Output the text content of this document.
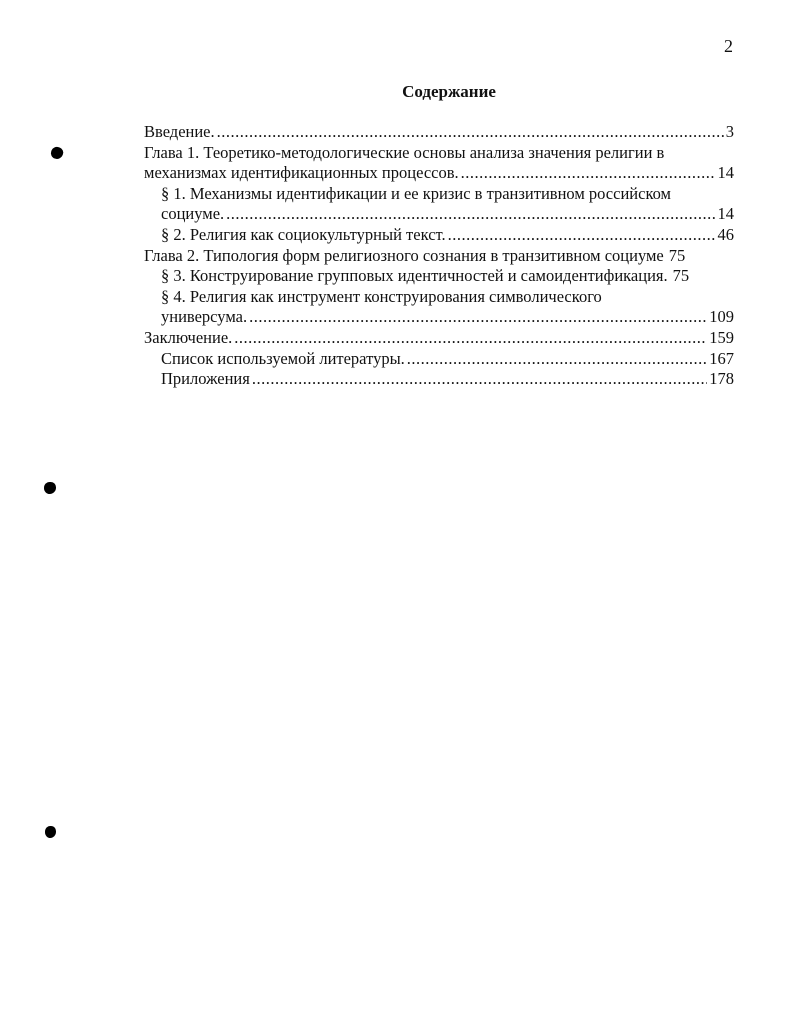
2
Содержание
Введение. .....	3
Глава 1. Теоретико-методологические основы анализа значения религии в
механизмах идентификационных процессов. .....	14
§ 1. Механизмы идентификации и ее кризис в транзитивном российском
социуме. .....	14
§ 2. Религия как социокультурный текст. .....	46
Глава 2. Типология форм религиозного сознания в транзитивном социуме 75
§ 3. Конструирование групповых идентичностей и самоидентификация. 75
§ 4. Религия как инструмент конструирования символического
универсума. .....	109
Заключение. .....	159
Список используемой литературы. .....	167
Приложения .....	178
